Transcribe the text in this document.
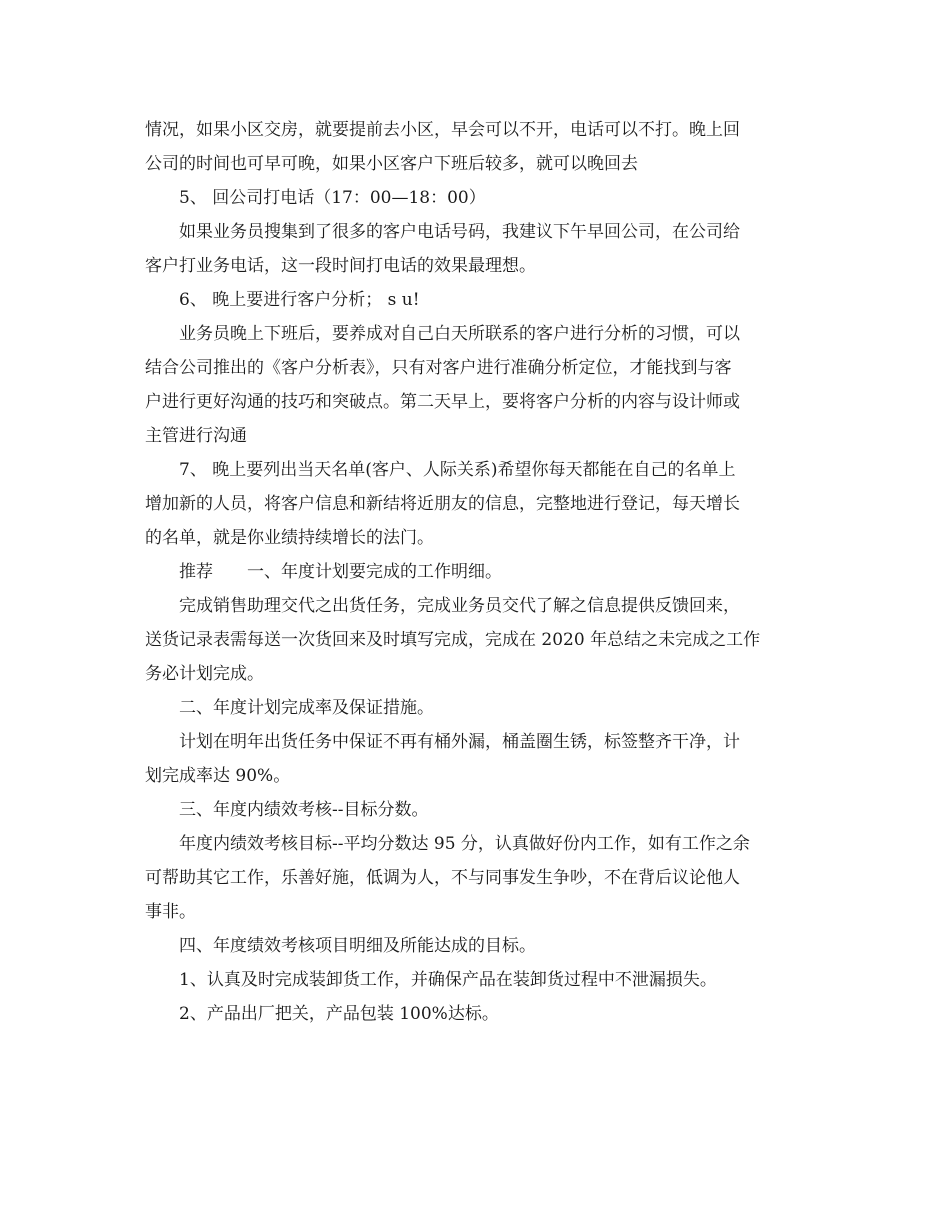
情况，如果小区交房，就要提前去小区，早会可以不开，电话可以不打。晚上回
公司的时间也可早可晚，如果小区客户下班后较多，就可以晚回去
5、 回公司打电话（17：00—18：00）
如果业务员搜集到了很多的客户电话号码，我建议下午早回公司，在公司给
客户打业务电话，这一段时间打电话的效果最理想。
6、 晚上要进行客户分析； s u!
业务员晚上下班后，要养成对自己白天所联系的客户进行分析的习惯，可以
结合公司推出的《客户分析表》，只有对客户进行准确分析定位，才能找到与客
户进行更好沟通的技巧和突破点。第二天早上，要将客户分析的内容与设计师或
主管进行沟通
7、 晚上要列出当天名单(客户、人际关系)希望你每天都能在自己的名单上
增加新的人员，将客户信息和新结将近朋友的信息，完整地进行登记，每天增长
的名单，就是你业绩持续增长的法门。
推荐　　一、年度计划要完成的工作明细。
完成销售助理交代之出货任务，完成业务员交代了解之信息提供反馈回来，
送货记录表需每送一次货回来及时填写完成，完成在 2020 年总结之未完成之工作
务必计划完成。
二、年度计划完成率及保证措施。
计划在明年出货任务中保证不再有桶外漏，桶盖圈生锈，标签整齐干净，计
划完成率达 90%。
三、年度内绩效考核--目标分数。
年度内绩效考核目标--平均分数达 95 分，认真做好份内工作，如有工作之余
可帮助其它工作，乐善好施，低调为人，不与同事发生争吵，不在背后议论他人
事非。
四、年度绩效考核项目明细及所能达成的目标。
1、认真及时完成装卸货工作，并确保产品在装卸货过程中不泄漏损失。
2、产品出厂把关，产品包装 100%达标。
